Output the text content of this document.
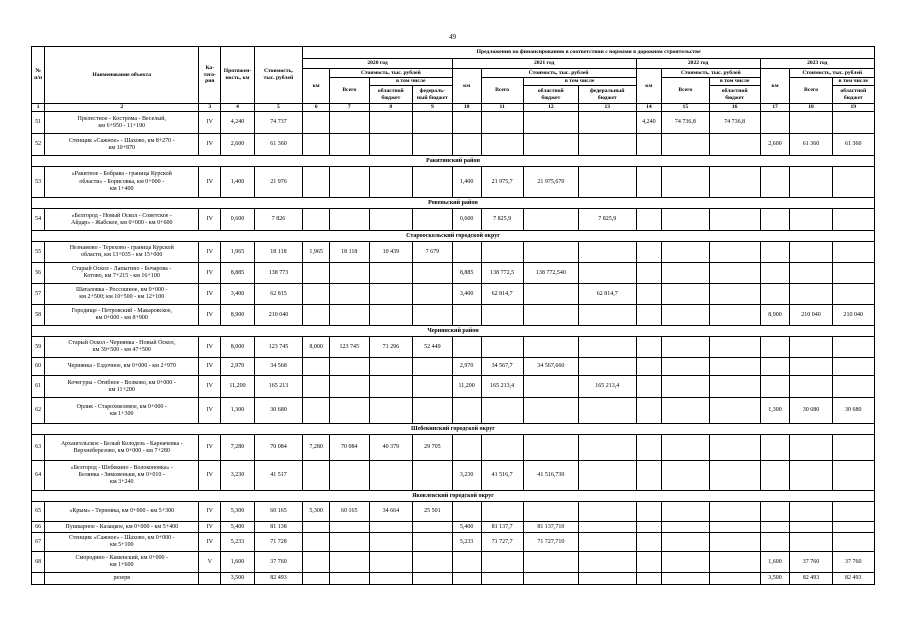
49
№
п/п	Наименование объекта	Ка-
тего-
рия	Протяжен-
ность, км	Стоимость,
тыс. рублей	Предложения по финансированию в соответствии с нормами в дорожном строительстве													
					2020 год				2021 год				2022 год			2023 год		
					км	Стоимость, тыс. рублей			км	Стоимость, тыс. рублей			км	Стоимость, тыс. рублей		км	Стоимость, тыс. рублей	
						Всего	в том числе			Всего	в том числе			Всего	в том числе		Всего	в том числе
							областной
бюджет	федераль-
ный бюджет			областной
бюджет	федеральный
бюджет			областной
бюджет			областной
бюджет
1	2	3	4	5	6	7	8	9	10	11	12	13	14	15	16	17	18	19
51	Прелестное - Кострома - Веселый,
км 6+950 - 11+190	IV	4,240	74 737									4,240	74 736,8	74 736,8			
52	Стенщик «Сажное» - Шахово, км 8+270 -
км 10+870	IV	2,600	61 360												2,600	61 360	61 360
Ракитянский район																		
53	«Ракитное - Бобрава - граница Курской
области» - Борисовка, км 0+000 -
км 1+400	IV	1,400	21 976					1,400	21 975,7	21 975,670							
Ровеньский район																		
54	«Белгород - Новый Оскол - Советское -
Айдар» - Жабское, км 0+000 - км 0+600	IV	0,600	7 826					0,600	7 825,9		7 825,9						
Старооскольский городской округ																		
55	Незнамово - Терехово - граница Курской
области, км 13+035 - км 15+000	IV	1,965	18 118	1,965	18 118	10 439	7 679										
56	Старый Оскол - Лапыгино - Бочарова -
Котово, км 7+215 - км 16+100	IV	8,885	138 773					8,885	138 772,5	138 772,540							
57	Шаталовка - Россошное, км 0+000 -
км 2+500; км 10+500 - км 12+100	IV	3,400	62 815					3,400	62 814,7		62 814,7						
58	Городище - Петровский - Макаровское,
км 0+000 - км 8+900	IV	8,900	210 040												8,900	210 040	210 040
Чернянский район																		
59	Старый Оскол - Чернянка - Новый Оскол,
км 39+500 - км 47+500	IV	8,000	123 745	8,000	123 745	71 296	52 449										
60	Чернянка - Ездочное, км 0+000 - км 2+970	IV	2,970	34 568					2,970	34 567,7	34 567,660							
61	Кочегуры - Огибное - Волково, км 0+000 -
км 11+200	IV	11,200	165 213					11,200	165 213,4		165 213,4						
62	Орлик - Старохмелевое, км 0+000 -
км 1+300	IV	1,300	30 680												1,300	30 680	30 680
Шебекинский городской округ																		
63	Архангельское - Белый Колодезь - Карначевка -
Верхнеберезово, км 0+000 - км 7+280	IV	7,280	70 084	7,280	70 084	40 379	29 705										
64	«Белгород - Шебекино - Волоконовка» -
Белянка - Зимовеньки, км 0+010 -
км 3+240	IV	3,230	41 517					3,230	41 516,7	41 516,730							
Яковлевский городской округ																		
65	«Крым» - Терновка, км 0+000 - км 5+300	IV	5,300	60 165	5,300	60 165	34 664	25 501										
66	Пушкарное - Казацкое, км 0+000 - км 5+400	IV	5,400	81 138					5,400	81 137,7	81 137,710							
67	Стенщик «Сажное» - Шахово, км 0+000 -
км 5+100	IV	5,233	71 728					5,233	71 727,7	71 727,710							
68	Смородино - Каменский, км 0+000 -
км 1+600	V	1,600	37 760												1,600	37 760	37 760
	резерв		3,500	82 493												3,500	82 493	82 493
